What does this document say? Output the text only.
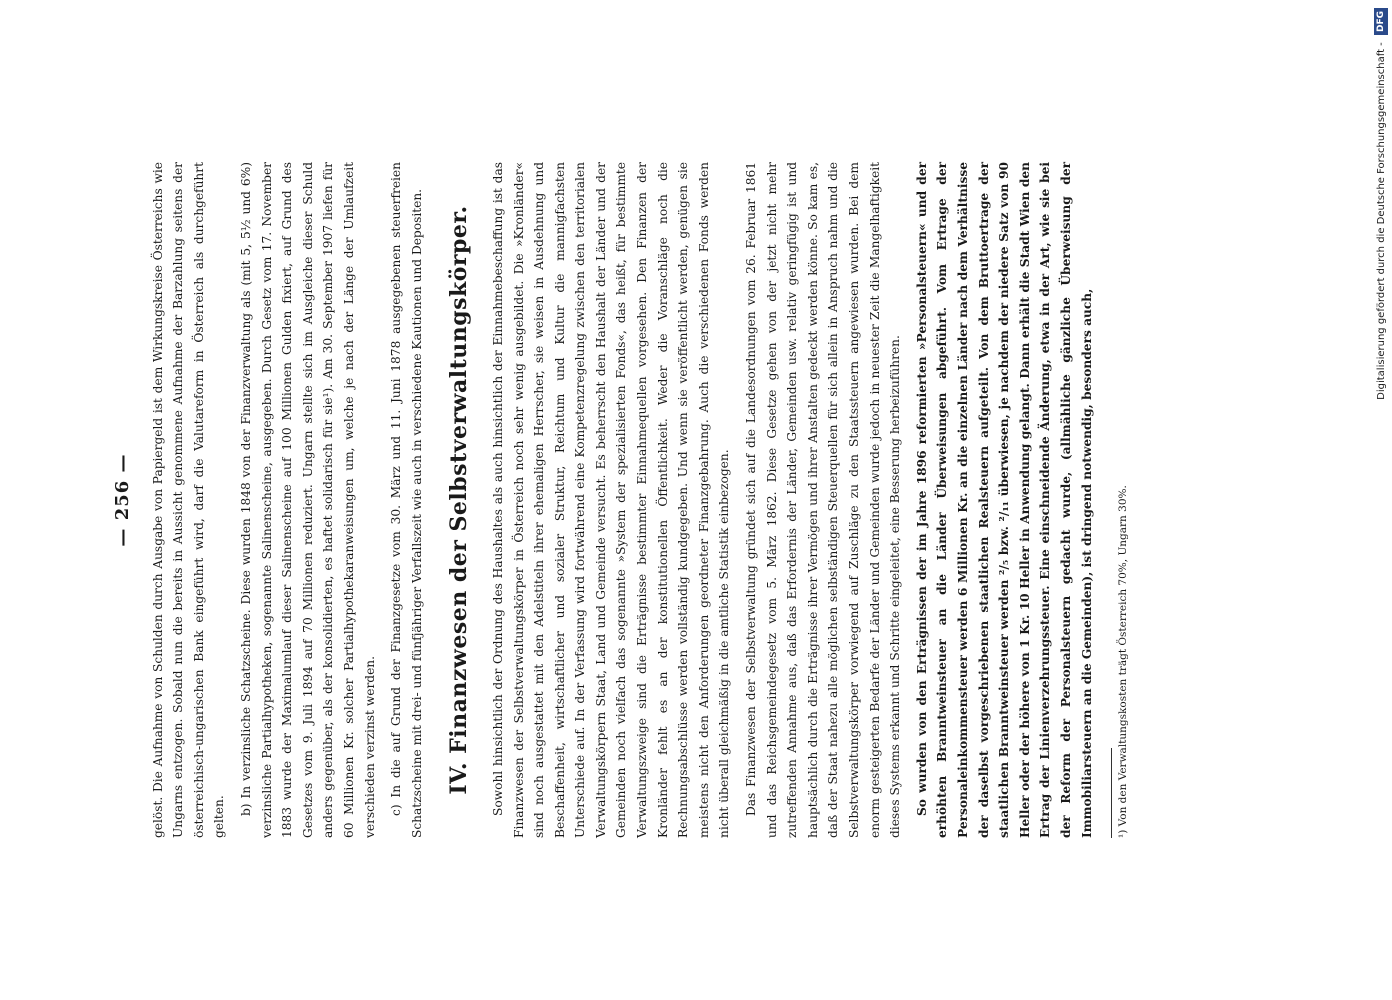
— 256 — gelöst. Die Aufnahme von Schulden durch Ausgabe von Papiergeld ist dem Wirkungskreise Österreichs wie Ungarns entzogen. Sobald nun die bereits in Aussicht genommene Aufnahme der Barzahlung seitens der österreichisch-ungarischen Bank eingeführt wird, darf die Valutareform in Österreich als durchgeführt gelten.

b) In verzinsliche Schatzscheine. Diese wurden 1848 von der Finanzverwaltung als (mit 5, 5½ und 6%) verzinsliche Partialhypotheken, sogenannte Salinenscheine, ausgegeben. Durch Gesetz vom 17. November 1883 wurde der Maximalumlauf dieser Salinenscheine auf 100 Millionen Gulden fixiert, auf Grund des Gesetzes vom 9. Juli 1894 auf 70 Millionen reduziert. Ungarn stellte sich im Ausgleiche dieser Schuld anders gegenüber, als der konsolidierten, es haftet solidarisch für sie¹). Am 30. September 1907 liefen für 60 Millionen Kr. solcher Partialhypothekaranweisungen um, welche je nach der Länge der Umlaufzeit verschieden verzinst werden. c) In die auf Grund der Finanzgesetze vom 30. März und 11. Juni 1878 ausgegebenen steuerfreien Schatzscheine mit drei- und fünfjähriger Verfallszeit wie auch in verschiedene Kautionen und Depositen. IV. Finanzwesen der Selbstverwaltungskörper. Sowohl hinsichtlich der Ordnung des Haushaltes als auch hinsichtlich der Einnahmebeschaffung ist das Finanzwesen der Selbstverwaltungskörper in Österreich noch sehr wenig ausgebildet. Die »Kronländer« sind noch ausgestattet mit den Adelstiteln ihrer ehemaligen Herrscher, sie weisen in Ausdehnung und Beschaffenheit, wirtschaftlicher und sozialer Struktur, Reichtum und Kultur die mannigfachsten Unterschiede auf. In der Verfassung wird fortwährend eine Kompetenzregelung zwischen den territorialen Verwaltungskörpern Staat, Land und Gemeinde versucht. Es beherrscht den Haushalt der Länder und der Gemeinden noch vielfach das sogenannte »System der spezialisierten Fonds«, das heißt, für bestimmte Verwaltungszweige sind die Erträgnisse bestimmter Einnahmequellen vorgesehen. Den Finanzen der Kronländer fehlt es an der konstitutionellen Öffentlichkeit. Weder die Voranschläge noch die Rechnungsabschlüsse werden vollständig kundgegeben. Und wenn sie veröffentlicht werden, genügen sie meistens nicht den Anforderungen geordneter Finanzgebahrung. Auch die verschiedenen Fonds werden nicht überall gleichmäßig in die amtliche Statistik einbezogen. Das Finanzwesen der Selbstverwaltung gründet sich auf die Landesordnungen vom 26. Februar 1861 und das Reichsgemeindegesetz vom 5. März 1862. Diese Gesetze gehen von der jetzt nicht mehr zutreffenden Annahme aus, daß das Erfordernis der Länder, Gemeinden usw. relativ geringfügig ist und hauptsächlich durch die Erträgnisse ihrer Vermögen und ihrer Anstalten gedeckt werden könne. So kam es, daß der Staat nahezu alle möglichen selbständigen Steuerquellen für sich allein in Anspruch nahm und die Selbstverwaltungskörper vorwiegend auf Zuschläge zu den Staatssteuern angewiesen wurden. Bei dem enorm gesteigerten Bedarfe der Länder und Gemeinden wurde jedoch in neuester Zeit die Mangelhaftigkeit dieses Systems erkannt und Schritte eingeleitet, eine Besserung herbeizuführen. So wurden von den Erträgnissen der im Jahre 1896 reformierten »Personalsteuern« und der erhöhten Branntweinsteuer an die Länder Überweisungen abgeführt. Vom Ertrage der Personaleinkommensteuer werden 6 Millionen Kr. an die einzelnen Länder nach dem Verhältnisse der daselbst vorgeschriebenen staatlichen Realsteuern aufgeteilt. Von dem Bruttoertrage der staatlichen Branntweinsteuer werden ²/₅ bzw. ²/₁₁ überwiesen, je nachdem der niedere Satz von 90 Heller oder der höhere von 1 Kr. 10 Heller in Anwendung gelangt. Dann erhält die Stadt Wien den Ertrag der Linienverzehrungssteuer. Eine einschneidende Änderung, etwa in der Art, wie sie bei der Reform der Personalsteuern gedacht wurde, (allmähliche gänzliche Überweisung der Immobiliarsteuern an die Gemeinden), ist dringend notwendig, besonders auch,	¹) Von den Verwaltungskosten trägt Österreich 70%, Ungarn 30%.
Digitalisierung gefördert durch die Deutsche Forschungsgemeinschaft - DFG
